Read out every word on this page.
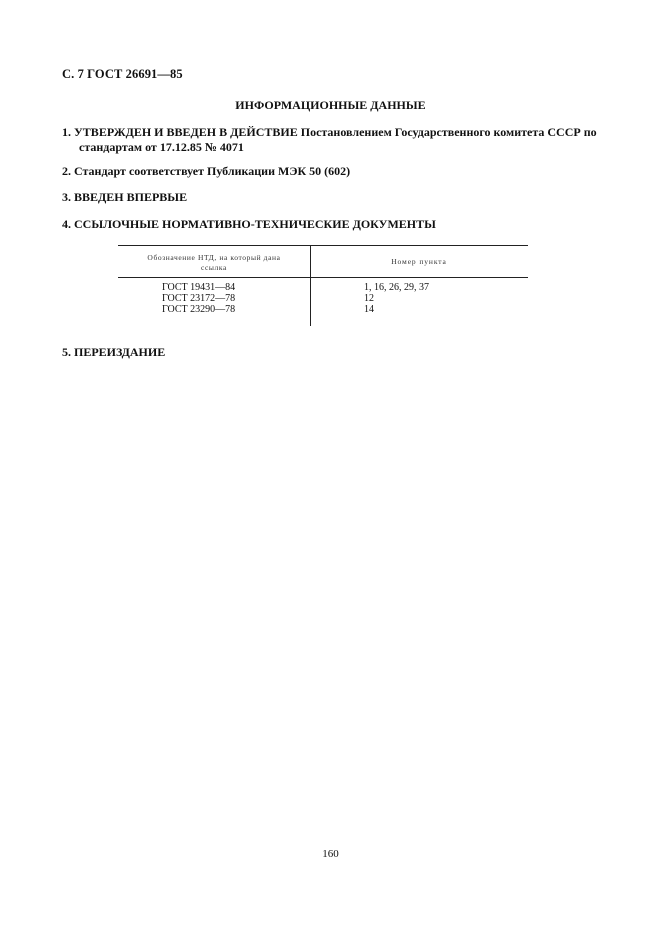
С. 7 ГОСТ 26691—85
ИНФОРМАЦИОННЫЕ ДАННЫЕ
1. УТВЕРЖДЕН И ВВЕДЕН В ДЕЙСТВИЕ Постановлением Государственного комитета СССР по
стандартам от 17.12.85 № 4071
2. Стандарт соответствует Публикации МЭК 50 (602)
3. ВВЕДЕН ВПЕРВЫЕ
4. ССЫЛОЧНЫЕ НОРМАТИВНО-ТЕХНИЧЕСКИЕ ДОКУМЕНТЫ
Обозначение НТД, на который дана
ссылка
Номер пункта
ГОСТ 19431—84
ГОСТ 23172—78
ГОСТ 23290—78
1, 16, 26, 29, 37
12
14
5. ПЕРЕИЗДАНИЕ
160
